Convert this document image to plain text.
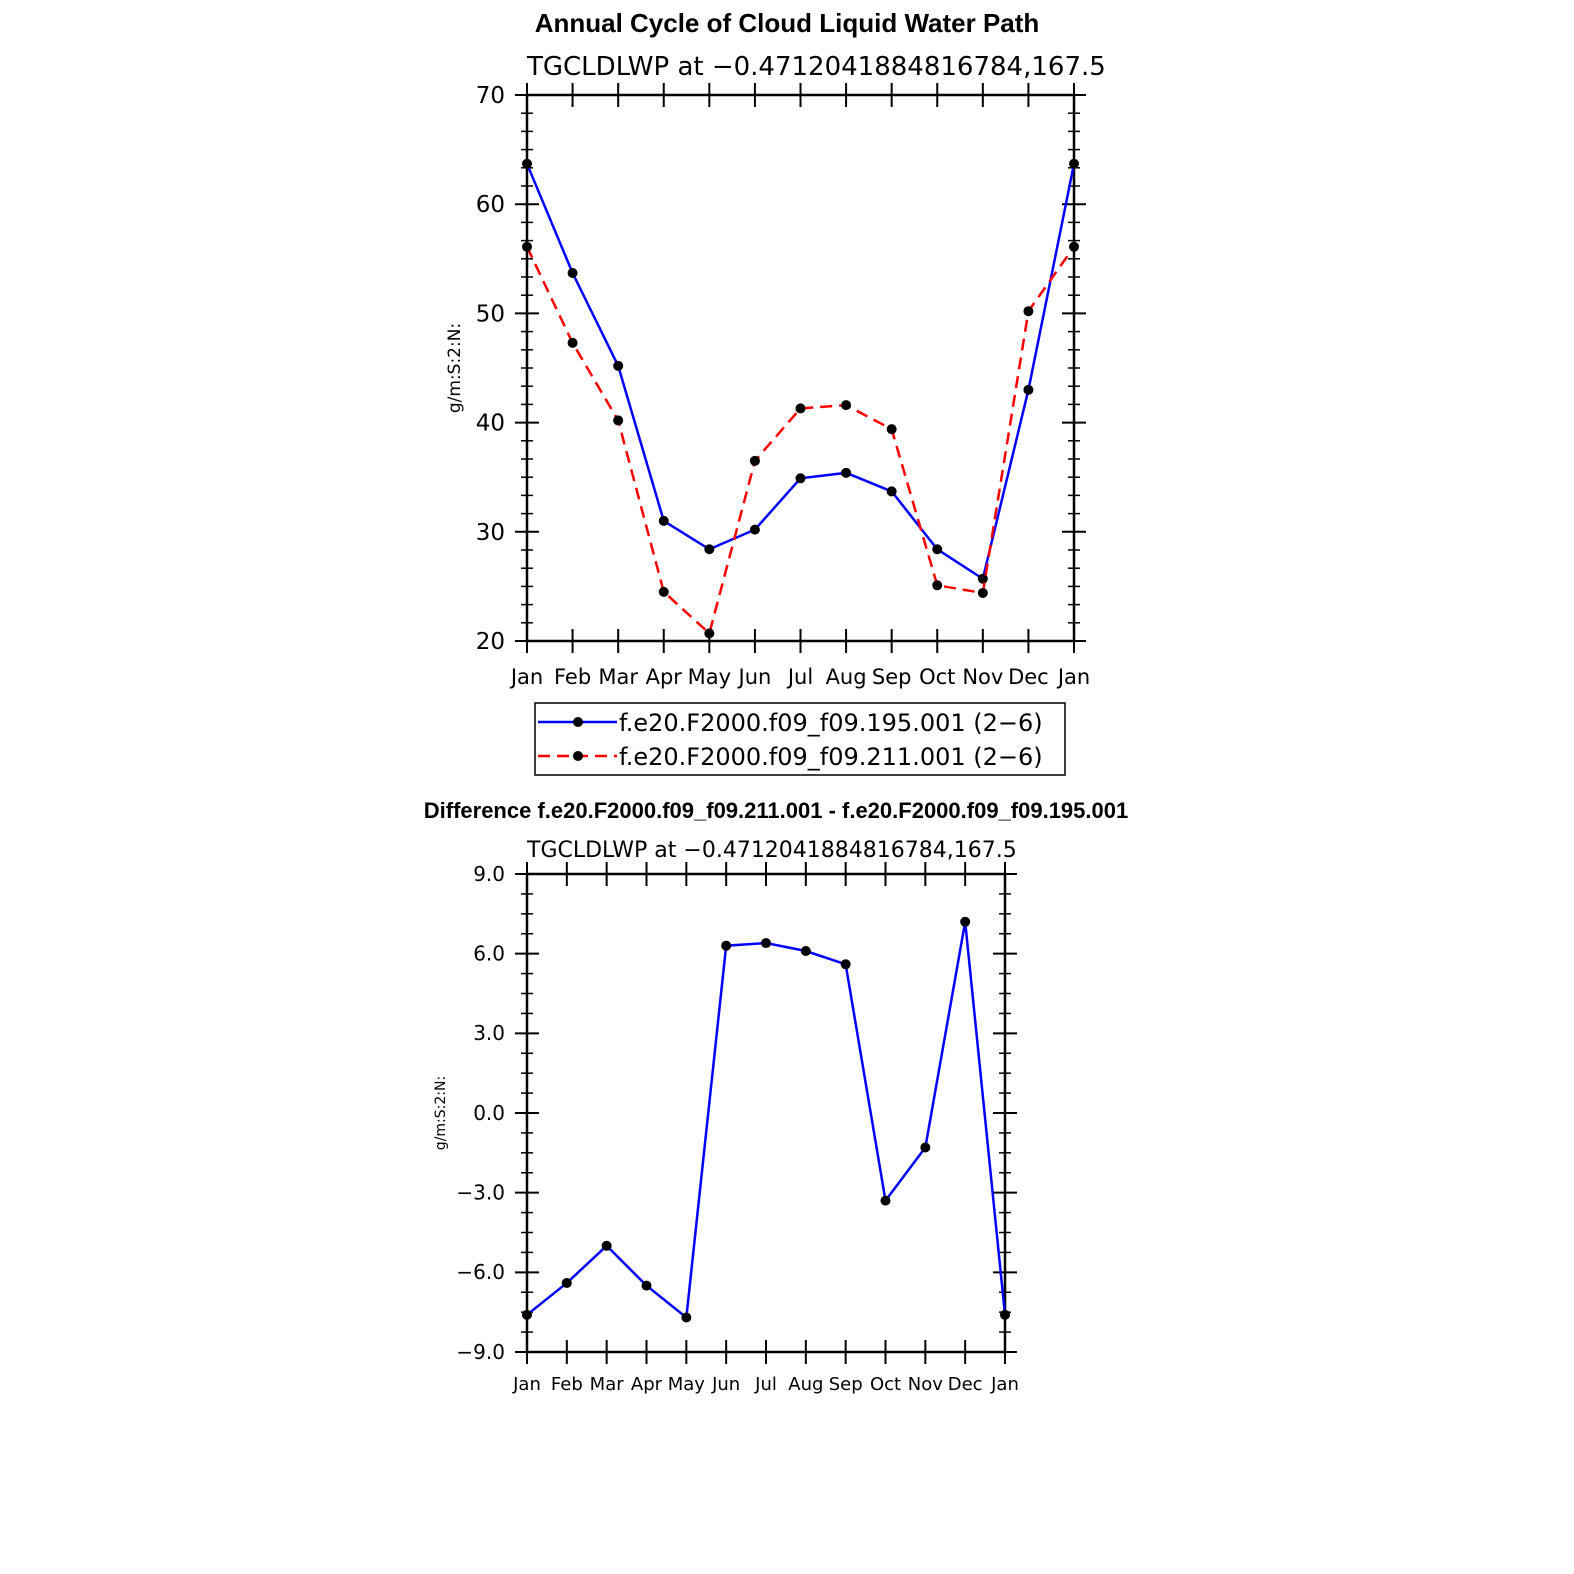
Annual Cycle of Cloud Liquid Water Path
Difference f.e20.F2000.f09_f09.211.001 - f.e20.F2000.f09_f09.195.001
TGCLDLWP at −0.4712041884816784,167.5
20
30
40
50
60
70
Jan Feb Mar Apr May Jun Jul Aug Sep Oct Nov Dec Jan
g/m:S:2:N:
f.e20.F2000.f09_f09.195.001 (2−6)
f.e20.F2000.f09_f09.211.001 (2−6)
TGCLDLWP at −0.4712041884816784,167.5
−9.0
−6.0
−3.0
0.0
3.0
6.0
9.0
Jan Feb Mar Apr May Jun Jul Aug Sep Oct Nov Dec Jan
g/m:S:2:N:
